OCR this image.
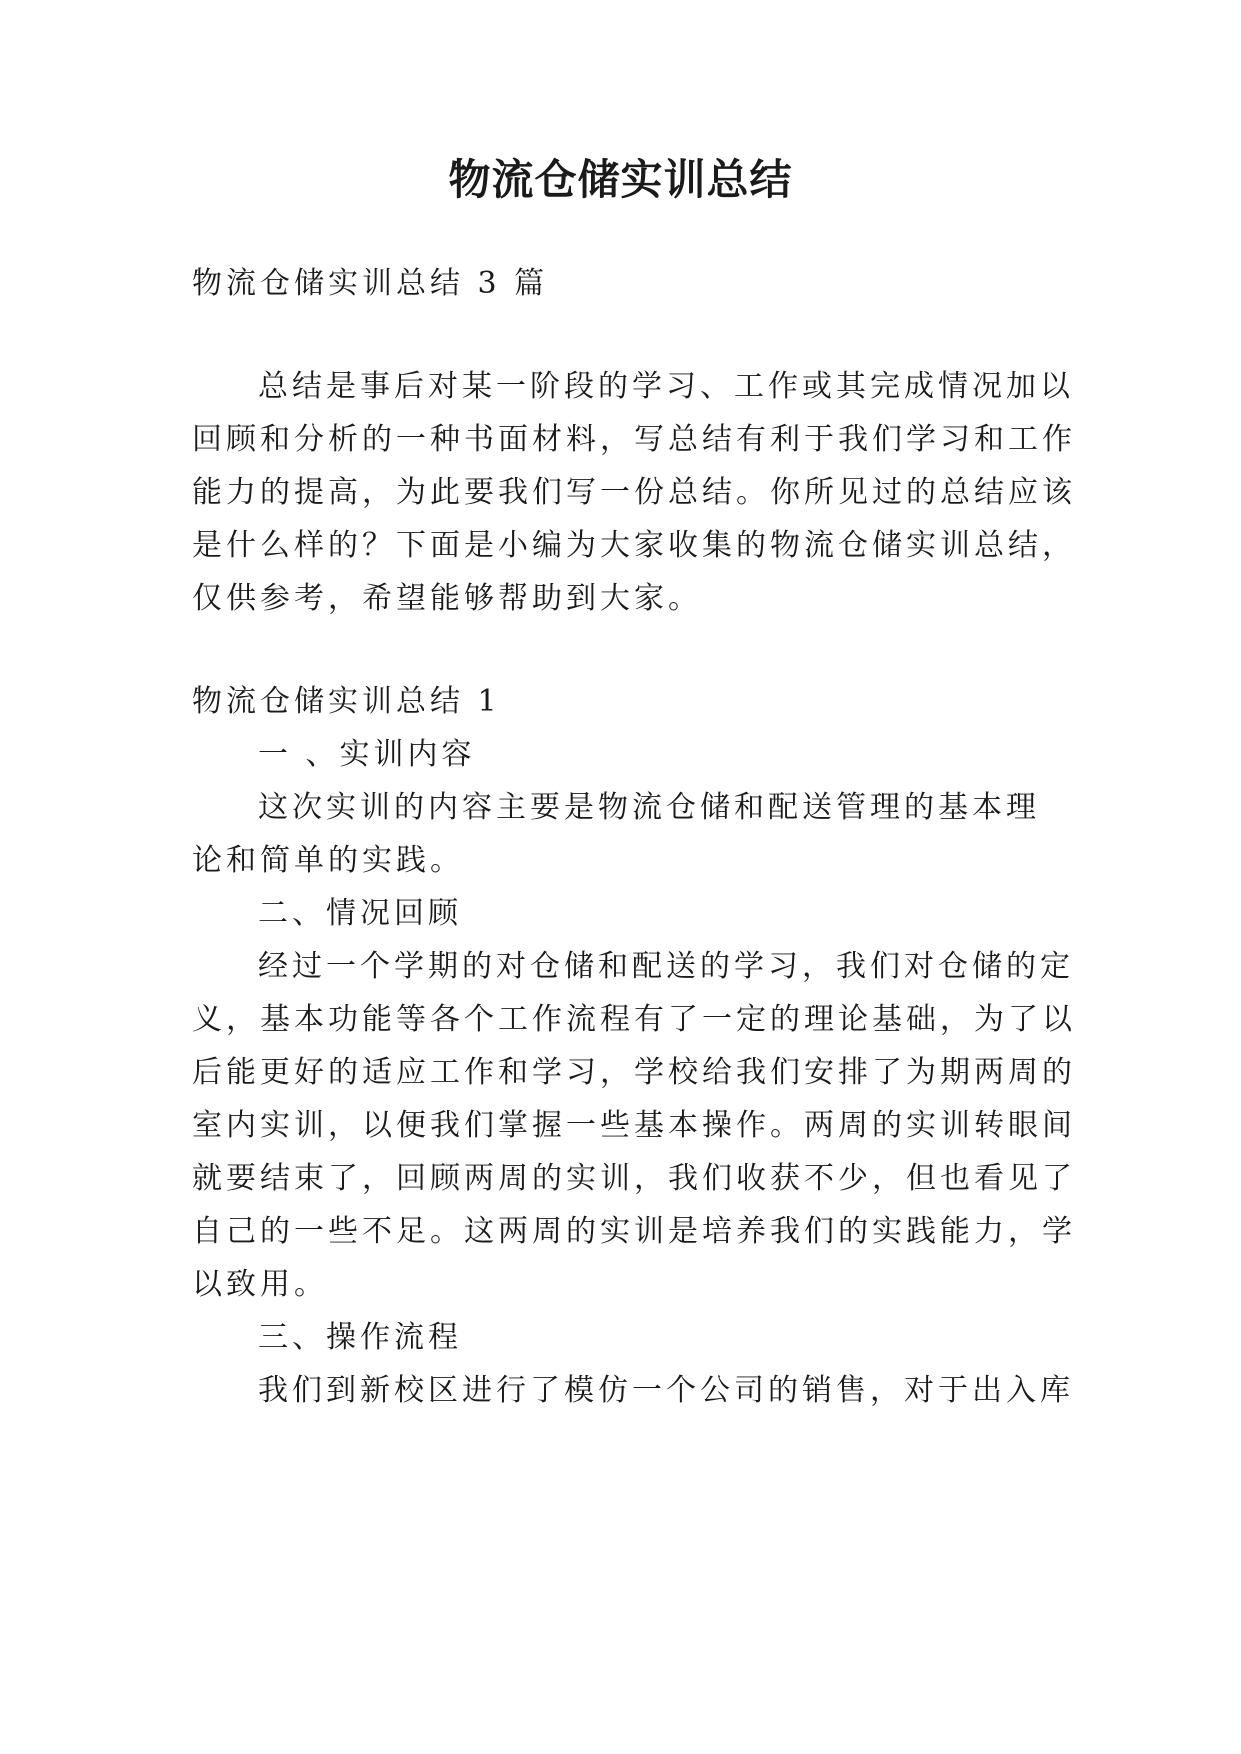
物流仓储实训总结
物流仓储实训总结 3 篇
总结是事后对某一阶段的学习、工作或其完成情况加以
回顾和分析的一种书面材料，写总结有利于我们学习和工作
能力的提高，为此要我们写一份总结。你所见过的总结应该
是什么样的？下面是小编为大家收集的物流仓储实训总结，
仅供参考，希望能够帮助到大家。
物流仓储实训总结 1
一 、实训内容
这次实训的内容主要是物流仓储和配送管理的基本理
论和简单的实践。
二、情况回顾
经过一个学期的对仓储和配送的学习，我们对仓储的定
义，基本功能等各个工作流程有了一定的理论基础，为了以
后能更好的适应工作和学习，学校给我们安排了为期两周的
室内实训，以便我们掌握一些基本操作。两周的实训转眼间
就要结束了，回顾两周的实训，我们收获不少，但也看见了
自己的一些不足。这两周的实训是培养我们的实践能力，学
以致用。
三、操作流程
我们到新校区进行了模仿一个公司的销售，对于出入库
